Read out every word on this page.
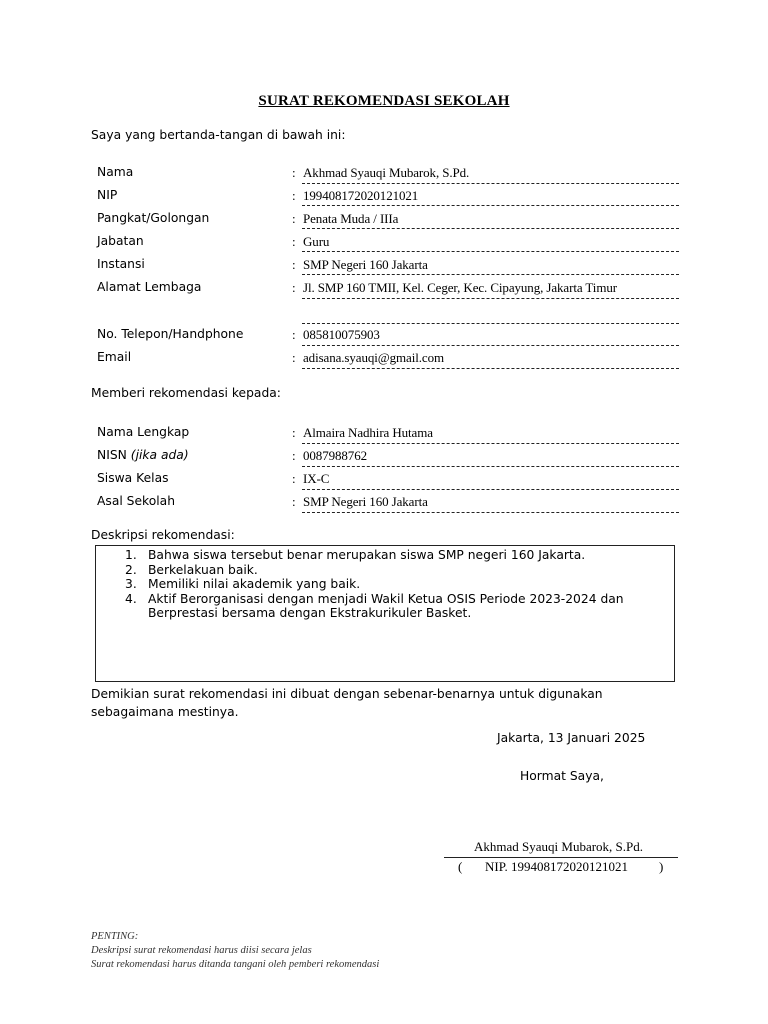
SURAT REKOMENDASI SEKOLAH
Saya yang bertanda-tangan di bawah ini:
Nama	: Akhmad Syauqi Mubarok, S.Pd.
NIP	: 199408172020121021
Pangkat/Golongan	: Penata Muda / IIIa
Jabatan	: Guru
Instansi	: SMP Negeri 160 Jakarta
Alamat Lembaga	: Jl. SMP 160 TMII, Kel. Ceger, Kec. Cipayung, Jakarta Timur
No. Telepon/Handphone	: 085810075903
Email	: adisana.syauqi@gmail.com
Memberi rekomendasi kepada:
Nama Lengkap	: Almaira Nadhira Hutama
NISN (jika ada)	: 0087988762
Siswa Kelas	: IX-C
Asal Sekolah	: SMP Negeri 160 Jakarta
Deskripsi rekomendasi:
1. Bahwa siswa tersebut benar merupakan siswa SMP negeri 160 Jakarta.
2. Berkelakuan baik.
3. Memiliki nilai akademik yang baik.
4. Aktif Berorganisasi dengan menjadi Wakil Ketua OSIS Periode 2023-2024 dan
Berprestasi bersama dengan Ekstrakurikuler Basket.
Demikian surat rekomendasi ini dibuat dengan sebenar-benarnya untuk digunakan
sebagaimana mestinya.
Jakarta, 13 Januari 2025
Hormat Saya,
Akhmad Syauqi Mubarok, S.Pd.
( NIP. 199408172020121021 )
PENTING:
Deskripsi surat rekomendasi harus diisi secara jelas
Surat rekomendasi harus ditanda tangani oleh pemberi rekomendasi
